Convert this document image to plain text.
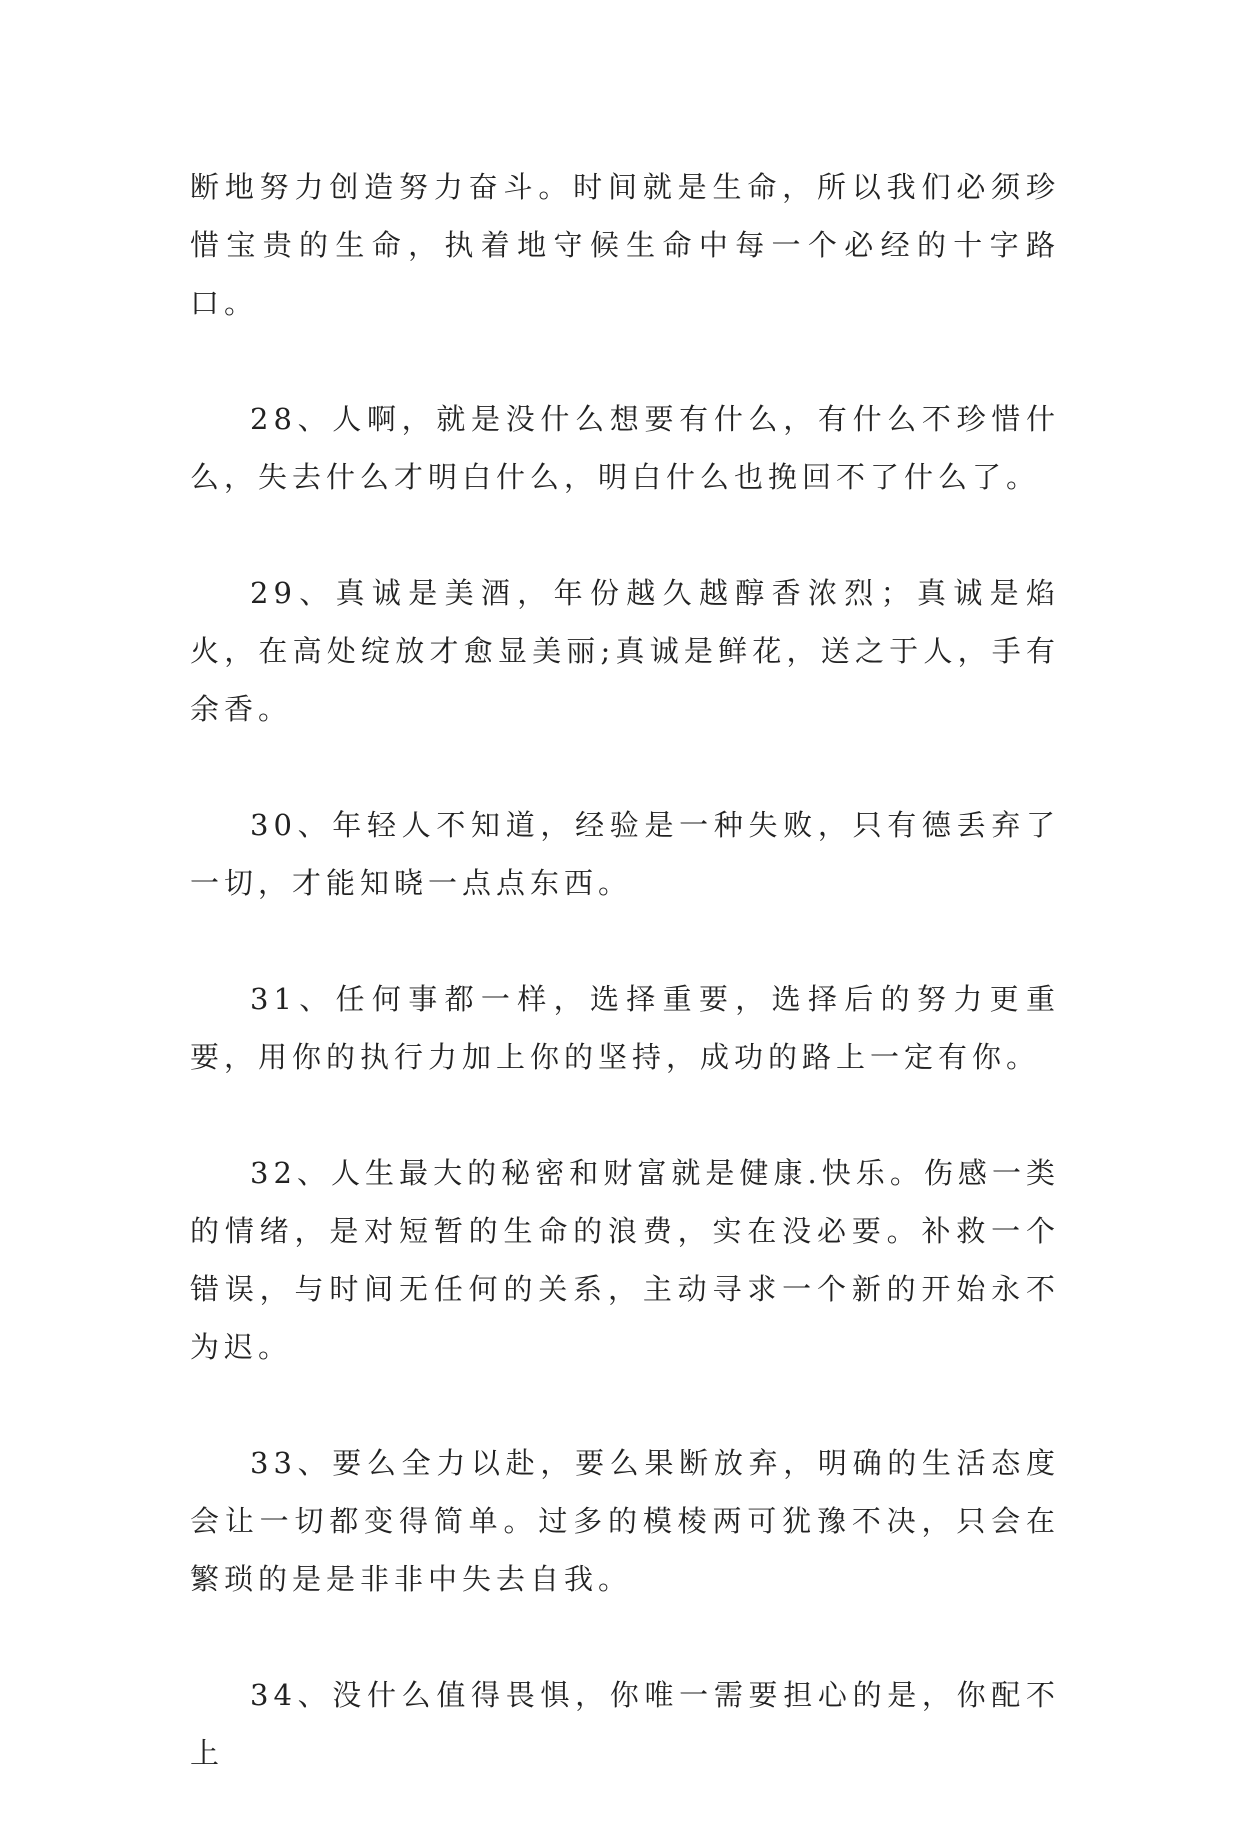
断地努力创造努力奋斗。时间就是生命，所以我们必须珍惜宝贵的生命，执着地守候生命中每一个必经的十字路口。

28、人啊，就是没什么想要有什么，有什么不珍惜什么，失去什么才明白什么，明白什么也挽回不了什么了。

29、真诚是美酒，年份越久越醇香浓烈；真诚是焰火，在高处绽放才愈显美丽;真诚是鲜花，送之于人，手有余香。

30、年轻人不知道，经验是一种失败，只有德丢弃了一切，才能知晓一点点东西。

31、任何事都一样，选择重要，选择后的努力更重要，用你的执行力加上你的坚持，成功的路上一定有你。

32、人生最大的秘密和财富就是健康.快乐。伤感一类的情绪，是对短暂的生命的浪费，实在没必要。补救一个错误，与时间无任何的关系，主动寻求一个新的开始永不为迟。

33、要么全力以赴，要么果断放弃，明确的生活态度会让一切都变得简单。过多的模棱两可犹豫不决，只会在繁琐的是是非非中失去自我。

34、没什么值得畏惧，你唯一需要担心的是，你配不上
